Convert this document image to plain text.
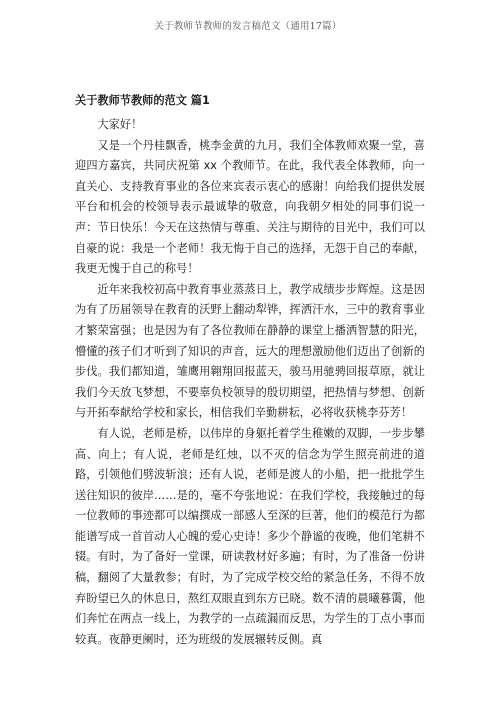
关于教师节教师的发言稿范文（通用17篇）
关于教师节教师的范文 篇1

大家好！

又是一个丹桂飘香，桃李金黄的九月，我们全体教师欢聚一堂，喜迎四方嘉宾，共同庆祝第 xx 个教师节。在此，我代表全体教师，向一直关心、支持教育事业的各位来宾表示衷心的感谢！向给我们提供发展平台和机会的校领导表示最诚挚的敬意，向我朝夕相处的同事们说一声：节日快乐！今天在这热情与尊重、关注与期待的目光中，我们可以自豪的说：我是一个老师！我无悔于自己的选择，无怨于自己的奉献，我更无愧于自己的称号！

近年来我校初高中教育事业蒸蒸日上，教学成绩步步辉煌。这是因为有了历届领导在教育的沃野上翻动犁铧，挥洒汗水，三中的教育事业才繁荣富强；也是因为有了各位教师在静静的课堂上播洒智慧的阳光，懵懂的孩子们才听到了知识的声音，远大的理想激励他们迈出了创新的步伐。我们都知道，雏鹰用翱翔回报蓝天，骏马用驰骋回报草原，就让我们今天放飞梦想，不要辜负校领导的殷切期望，把热情与梦想、创新与开拓奉献给学校和家长，相信我们辛勤耕耘，必将收获桃李芬芳！

有人说，老师是桥，以伟岸的身躯托着学生稚嫩的双脚，一步步攀高、向上；有人说，老师是红烛，以不灭的信念为学生照亮前进的道路，引领他们劈波斩浪；还有人说，老师是渡人的小船，把一批批学生送往知识的彼岸……是的，毫不夸张地说：在我们学校，我接触过的每一位教师的事迹都可以编撰成一部感人至深的巨著，他们的模范行为都能谱写成一首首动人心魄的爱心史诗！多少个静谧的夜晚，他们笔耕不辍。有时，为了备好一堂课，研读教材好多遍；有时，为了准备一份讲稿，翻阅了大量教参；有时，为了完成学校交给的紧急任务，不得不放弃盼望已久的休息日，熬红双眼直到东方已晓。数不清的晨曦暮霭，他们奔忙在两点一线上，为教学的一点疏漏而反思，为学生的丁点小事而较真。夜静更阑时，还为班级的发展辗转反侧。真
